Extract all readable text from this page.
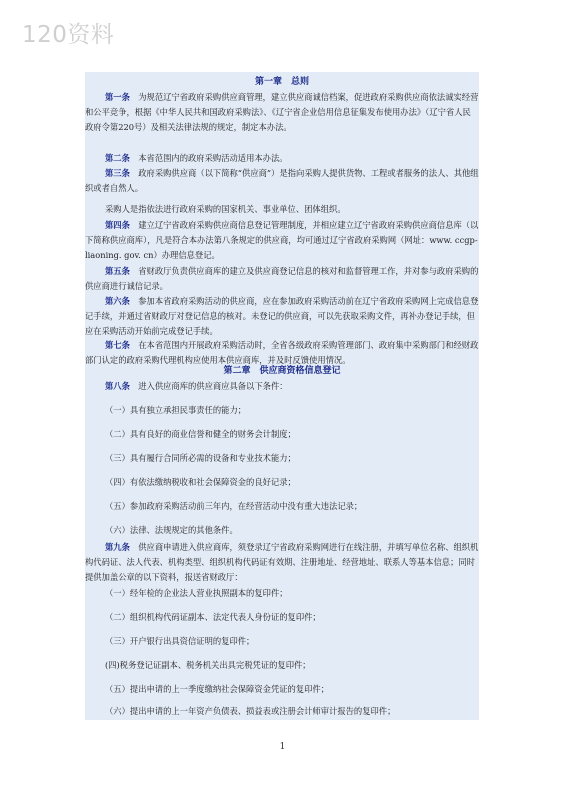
120资料
第一章　总则
第一条　 为规范辽宁省政府采购供应商管理，建立供应商诚信档案，促进政府采购供应商依法诚实经营和公平竞争，根据《中华人民共和国政府采购法》、《辽宁省企业信用信息征集发布使用办法》（辽宁省人民政府令第220号）及相关法律法规的规定，制定本办法。
第二条　 本省范围内的政府采购活动适用本办法。
第三条　 政府采购供应商（以下简称“供应商”）是指向采购人提供货物、工程或者服务的法人、其他组织或者自然人。
采购人是指依法进行政府采购的国家机关、事业单位、团体组织。
第四条　 建立辽宁省政府采购供应商信息登记管理制度，并相应建立辽宁省政府采购供应商信息库（以下简称供应商库），凡是符合本办法第八条规定的供应商，均可通过辽宁省政府采购网（网址：www. ccgp-liaoning. gov. cn）办理信息登记。
第五条　 省财政厅负责供应商库的建立及供应商登记信息的核对和监督管理工作，并对参与政府采购的供应商进行诚信记录。
第六条　 参加本省政府采购活动的供应商，应在参加政府采购活动前在辽宁省政府采购网上完成信息登记手续，并通过省财政厅对登记信息的核对。未登记的供应商，可以先获取采购文件，再补办登记手续，但应在采购活动开始前完成登记手续。
第七条　 在本省范围内开展政府采购活动时，全省各级政府采购管理部门、政府集中采购部门和经财政部门认定的政府采购代理机构应使用本供应商库，并及时反馈使用情况。
第二章　供应商资格信息登记
第八条　 进入供应商库的供应商应具备以下条件：
（一）具有独立承担民事责任的能力；
（二）具有良好的商业信誉和健全的财务会计制度；
（三）具有履行合同所必需的设备和专业技术能力；
（四）有依法缴纳税收和社会保障资金的良好记录；
（五）参加政府采购活动前三年内，在经营活动中没有重大违法记录；
（六）法律、法规规定的其他条件。
第九条　 供应商申请进入供应商库，须登录辽宁省政府采购网进行在线注册，并填写单位名称、组织机构代码证、法人代表、机构类型、组织机构代码证有效期、注册地址、经营地址、联系人等基本信息；同时提供加盖公章的以下资料，报送省财政厅：
（一）经年检的企业法人营业执照副本的复印件；
（二）组织机构代码证副本、法定代表人身份证的复印件；
（三）开户银行出具资信证明的复印件；
(四)税务登记证副本、税务机关出具完税凭证的复印件；
（五）提出申请的上一季度缴纳社会保障资金凭证的复印件；
（六）提出申请的上一年资产负债表、损益表或注册会计师审计报告的复印件；
1
